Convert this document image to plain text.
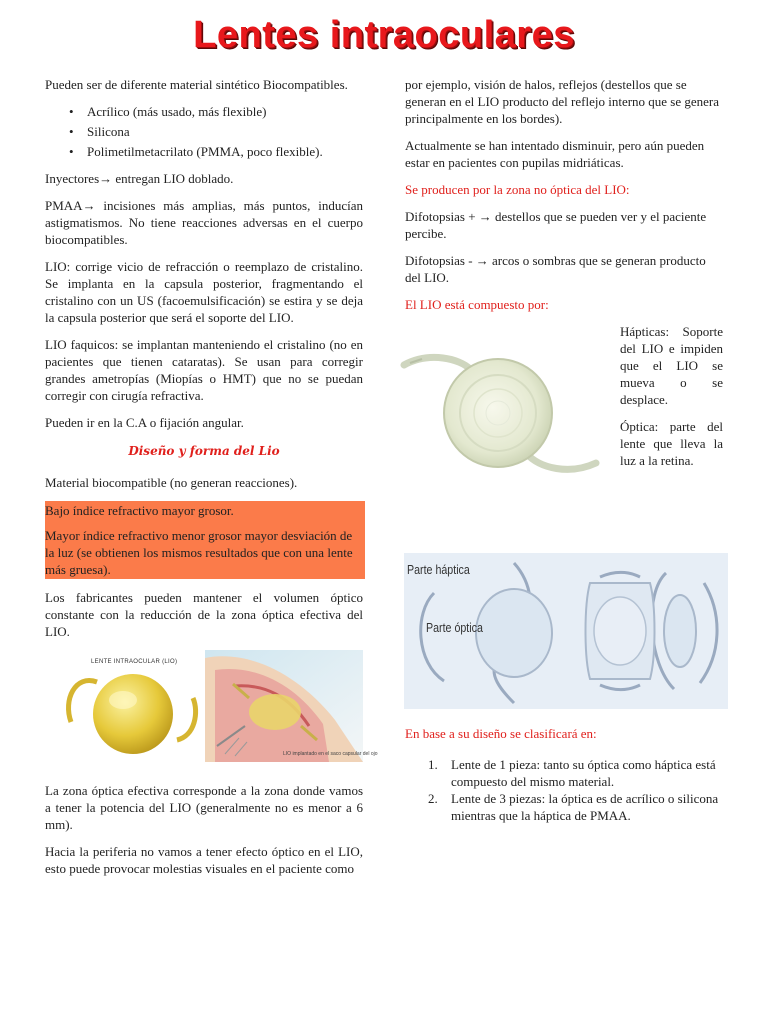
Lentes intraoculares

Pueden ser de diferente material sintético Biocompatibles.

• Acrílico (más usado, más flexible)
• Silicona
• Polimetilmetacrilato (PMMA, poco flexible).

Inyectores→ entregan LIO doblado.

PMAA→ incisiones más amplias, más puntos, inducían astigmatismos. No tiene reacciones adversas en el cuerpo biocompatibles.

LIO: corrige vicio de refracción o reemplazo de cristalino. Se implanta en la capsula posterior, fragmentando el cristalino con un US (facoemulsificación) se estira y se deja la capsula posterior que será el soporte del LIO.

LIO faquicos: se implantan manteniendo el cristalino (no en pacientes que tienen cataratas). Se usan para corregir grandes ametropías (Miopías o HMT) que no se puedan corregir con cirugía refractiva.

Pueden ir en la C.A o fijación angular.

Diseño y forma del Lio

Material biocompatible (no generan reacciones).

Bajo índice refractivo mayor grosor.

Mayor índice refractivo menor grosor mayor desviación de la luz (se obtienen los mismos resultados que con una lente más gruesa).

Los fabricantes pueden mantener el volumen óptico constante con la reducción de la zona óptica efectiva del LIO.

LENTE INTRAOCULAR (LIO)
LIO implantado en el saco capsular del ojo

La zona óptica efectiva corresponde a la zona donde vamos a tener la potencia del LIO (generalmente no es menor a 6 mm).

Hacia la periferia no vamos a tener efecto óptico en el LIO, esto puede provocar molestias visuales en el paciente como

por ejemplo, visión de halos, reflejos (destellos que se generan en el LIO producto del reflejo interno que se genera principalmente en los bordes).

Actualmente se han intentado disminuir, pero aún pueden estar en pacientes con pupilas midriáticas.

Se producen por la zona no óptica del LIO:

Difotopsias + → destellos que se pueden ver y el paciente percibe.

Difotopsias - → arcos o sombras que se generan producto del LIO.

El LIO está compuesto por:

Hápticas: Soporte del LIO e impiden que el LIO se mueva o se desplace.

Óptica: parte del lente que lleva la luz a la retina.

Parte háptica
Parte óptica

En base a su diseño se clasificará en:

1. Lente de 1 pieza: tanto su óptica como háptica está compuesto del mismo material.
2. Lente de 3 piezas: la óptica es de acrílico o silicona mientras que la háptica de PMAA.
